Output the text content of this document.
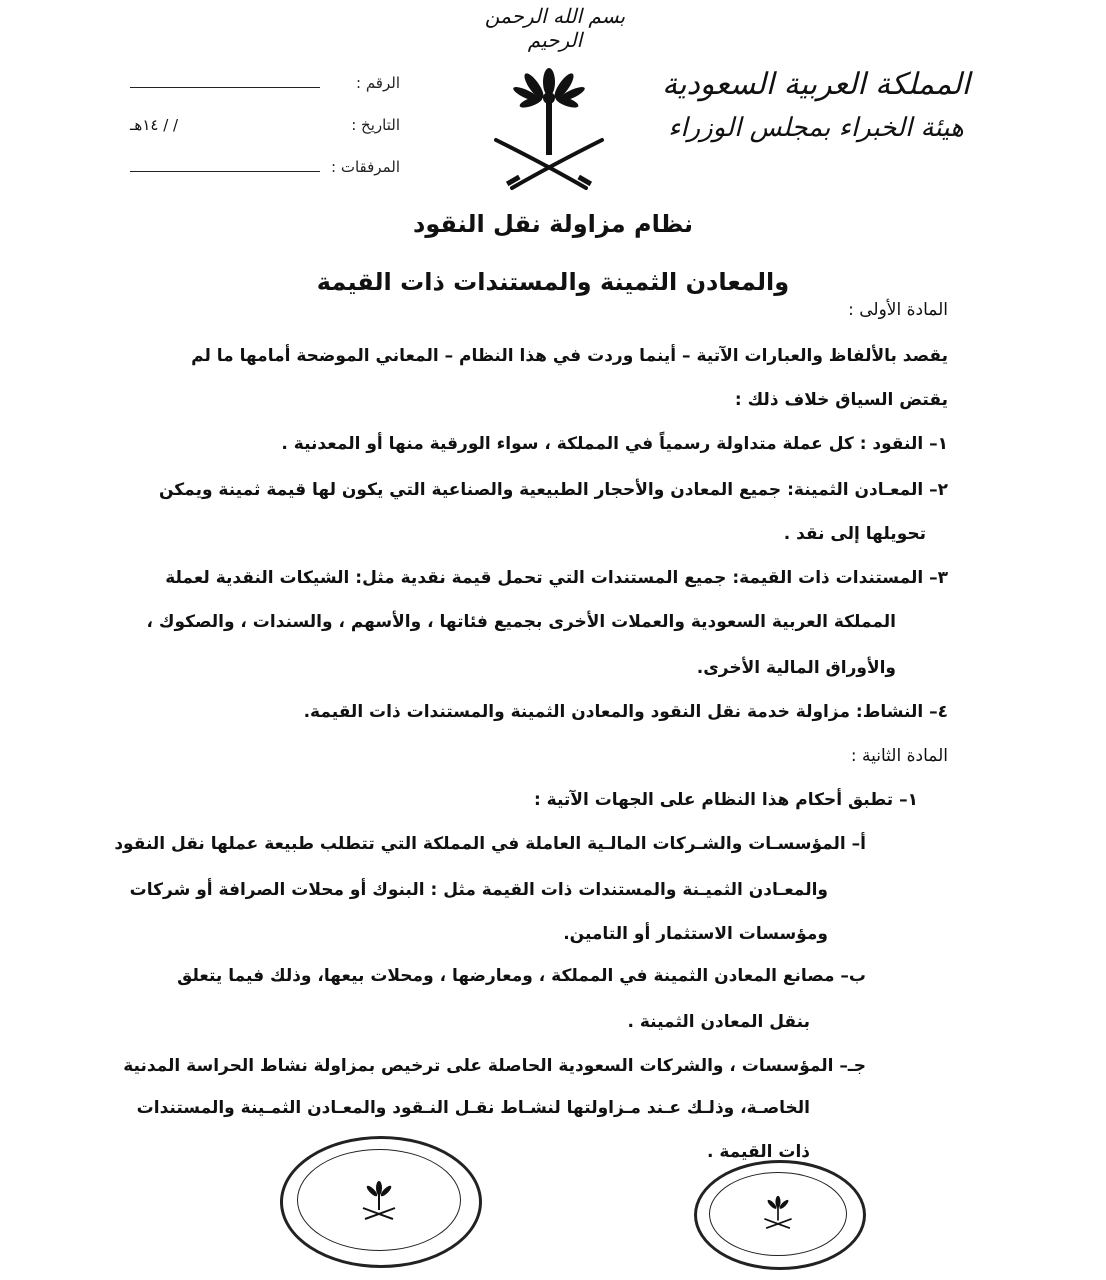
بسم الله الرحمن الرحيم
المملكة العربية السعودية
هيئة الخبراء بمجلس الوزراء
الرقم :
التاريخ :
/ / ١٤هـ
المرفقات :
نظام مزاولة نقل النقود
والمعادن الثمينة والمستندات ذات القيمة
المادة الأولى :
يقصد بالألفاظ والعبارات الآتية – أينما وردت في هذا النظام – المعاني الموضحة أمامها ما لم
يقتض السياق خلاف ذلك :
١– النقود : كل عملة متداولة رسمياً في المملكة ، سواء الورقية منها أو المعدنية .
٢– المعـادن الثمينة: جميع المعادن والأحجار الطبيعية والصناعية التي يكون لها قيمة ثمينة ويمكن
تحويلها إلى نقد .
٣– المستندات ذات القيمة: جميع المستندات التي تحمل قيمة نقدية مثل: الشيكات النقدية لعملة
المملكة العربية السعودية والعملات الأخرى بجميع فئاتها ، والأسهم ، والسندات ، والصكوك ،
والأوراق المالية الأخرى.
٤– النشاط: مزاولة خدمة نقل النقود والمعادن الثمينة والمستندات ذات القيمة.
المادة الثانية :
١– تطبق أحكام هذا النظام على الجهات الآتية :
أ– المؤسسـات والشـركات المالـية العاملة في المملكة التي تتطلب طبيعة عملها نقل النقود
والمعـادن الثميـنة والمستندات ذات القيمة مثل : البنوك أو محلات الصرافة أو شركات
ومؤسسات الاستثمار أو التامين.
ب– مصانع المعادن الثمينة في المملكة ، ومعارضها ، ومحلات بيعها، وذلك فيما يتعلق
بنقل المعادن الثمينة .
جـ– المؤسسات ، والشركات السعودية الحاصلة على ترخيص بمزاولة نشاط الحراسة المدنية
الخاصـة، وذلـك عـند مـزاولتها لنشـاط نقـل النـقود والمعـادن الثمـينة والمستندات
ذات القيمة .
